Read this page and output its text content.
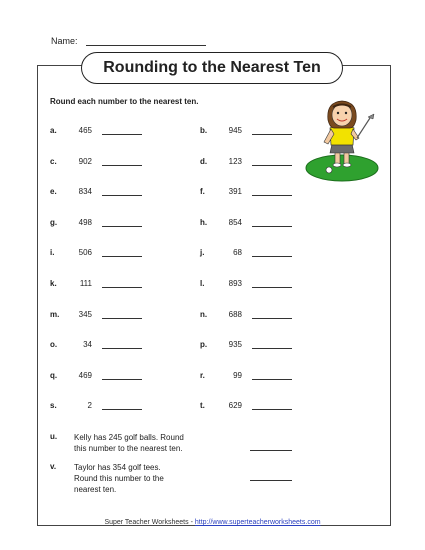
Name:
Rounding to the Nearest Ten
Round each number to the nearest ten.
a.	465
c.	902
e.	834
g.	498
i.	506
k.	111
m.	345
o.	34
q.	469
s.	2
b.	945
d.	123
f.	391
h.	854
j.	68
l.	893
n.	688
p.	935
r.	99
t.	629
u. Kelly has 245 golf balls. Round this number to the nearest ten.
v. Taylor has 354 golf tees. Round this number to the nearest ten.
Super Teacher Worksheets - http://www.superteacherworksheets.com
